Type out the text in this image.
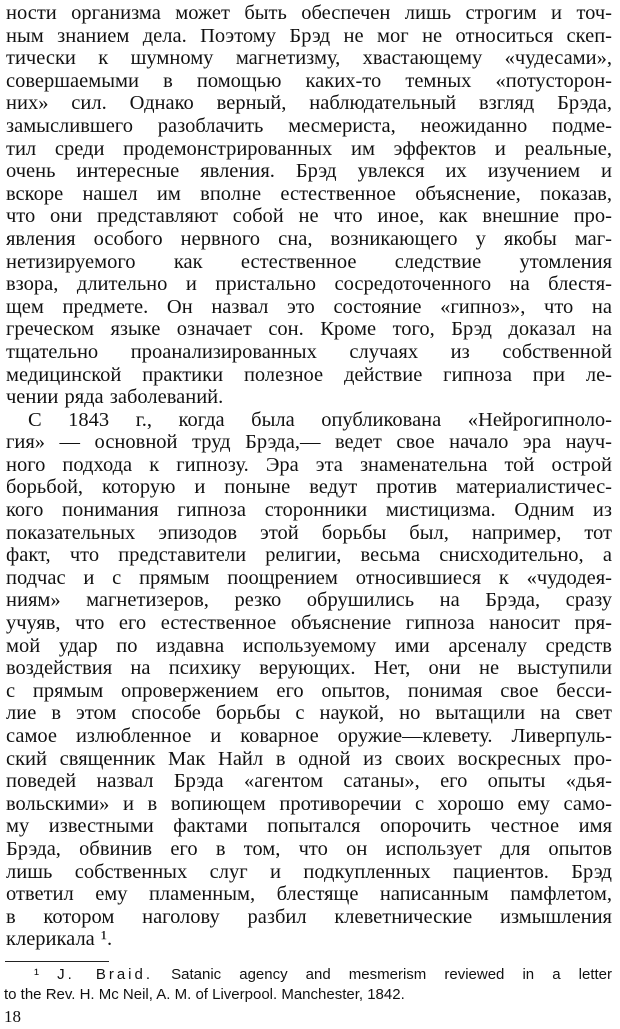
ности организма может быть обеспечен лишь строгим и точ-
ным знанием дела. Поэтому Брэд не мог не относиться скеп-
тически к шумному магнетизму, хвастающему «чудесами»,
совершаемыми в помощью каких-то темных «потусторон-
них» сил. Однако верный, наблюдательный взгляд Брэда,
замыслившего разоблачить месмериста, неожиданно подме-
тил среди продемонстрированных им эффектов и реальные,
очень интересные явления. Брэд увлекся их изучением и
вскоре нашел им вполне естественное объяснение, показав,
что они представляют собой не что иное, как внешние про-
явления особого нервного сна, возникающего у якобы маг-
нетизируемого как естественное следствие утомления
взора, длительно и пристально сосредоточенного на блестя-
щем предмете. Он назвал это состояние «гипноз», что на
греческом языке означает сон. Кроме того, Брэд доказал на
тщательно проанализированных случаях из собственной
медицинской практики полезное действие гипноза при ле-
чении ряда заболеваний.
С 1843 г., когда была опубликована «Нейрогипноло-
гия» — основной труд Брэда,— ведет свое начало эра науч-
ного подхода к гипнозу. Эра эта знаменательна той острой
борьбой, которую и поныне ведут против материалистичес-
кого понимания гипноза сторонники мистицизма. Одним из
показательных эпизодов этой борьбы был, например, тот
факт, что представители религии, весьма снисходительно, а
подчас и с прямым поощрением относившиеся к «чудодея-
ниям» магнетизеров, резко обрушились на Брэда, сразу
учуяв, что его естественное объяснение гипноза наносит пря-
мой удар по издавна используемому ими арсеналу средств
воздействия на психику верующих. Нет, они не выступили
с прямым опровержением его опытов, понимая свое бесси-
лие в этом способе борьбы с наукой, но вытащили на свет
самое излюбленное и коварное оружие—клевету. Ливерпуль-
ский священник Мак Найл в одной из своих воскресных про-
поведей назвал Брэда «агентом сатаны», его опыты «дья-
вольскими» и в вопиющем противоречии с хорошо ему само-
му известными фактами попытался опорочить честное имя
Брэда, обвинив его в том, что он использует для опытов
лишь собственных слуг и подкупленных пациентов. Брэд
ответил ему пламенным, блестяще написанным памфлетом,
в котором наголову разбил клеветнические измышления
клерикала ¹.
¹ J. Braid. Satanic agency and mesmerism reviewed in a letter
to the Rev. H. Mc Neil, A. M. of Liverpool. Manchester, 1842.
18
